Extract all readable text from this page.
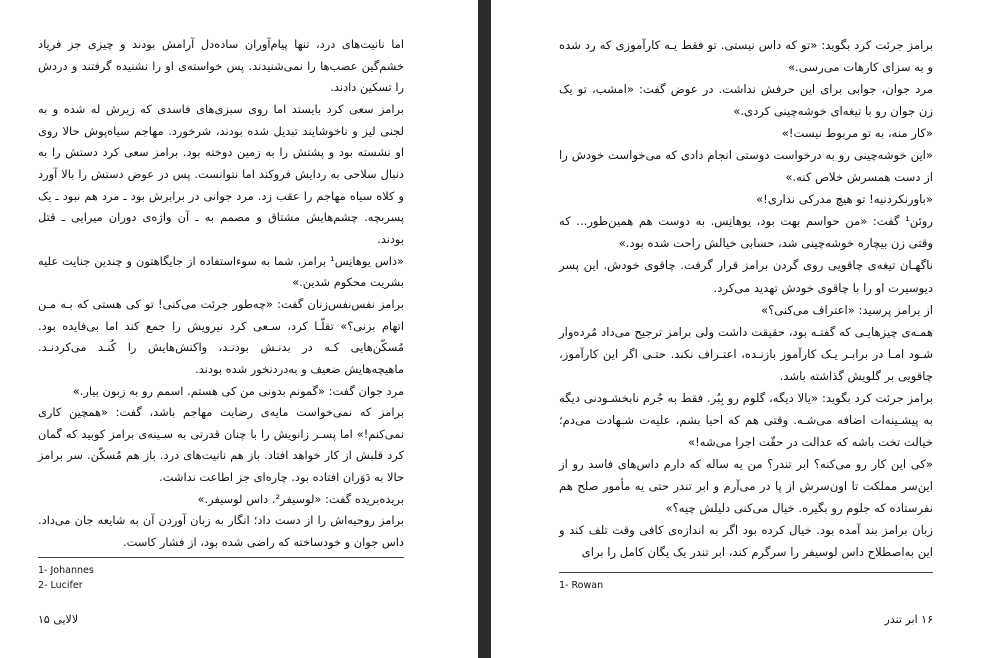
اما نانیت‌های درد، تنها پیام‌آوران ساده‌دل آرامش بودند و چیزی جز فریاد خشم‌گین عصب‌ها را نمی‌شنیدند. پس خواسته‌ی او را نشنیده گرفتند و دردش را تسکین دادند.

برامز سعی کرد بایستد اما روی سبزی‌های فاسدی که زیرش له شده و به لجنی لیز و ناخوشایند تبدیل شده بودند، شرخورد. مهاجم سیاه‌پوش حالا روی او نشسته بود و پشتش را به زمین دوخته بود. برامز سعی کرد دستش را به دنبال سلاحی به ردایش فروکند اما نتوانست. پس در عوض دستش را بالا آورد و کلاه سیاه مهاجم را عقب زد. مرد جوانی در برابرش بود ـ مرد هم نبود ـ یک پسربچه. چشم‌هایش مشتاق و مصمم به ـ آن واژه‌ی دوران میرایی ـ قتل بودند.

«داس یوهانِس¹ برامز، شما به سوءاستفاده از جایگاهتون و چندین جنایت علیه بشریت محکوم شدین.»

برامز نفس‌نفس‌زنان گفت: «چه‌طور جرئت می‌کنی! تو کی هستی که بـه مـن اتهام بزنی؟» تقلّـا کرد، سـعی کرد نیرویش را جمع کند اما بی‌فایده بود. مُسکّن‌هایی کـه در بدنـش بودنـد، واکنش‌هایش را کُنـد می‌کردنـد. ماهیچه‌هایش ضعیف و به‌دردنخور شده بودند.

مرد جوان گفت: «گمونم بدونی من کی هستم. اسمم رو به زبون بیار.»

برامز که نمی‌خواست مایه‌ی رضایت مهاجم باشد، گفت: «همچین کاری نمی‌کنم!» اما پسـر زانویش را با چنان قدرتی به سـینه‌ی برامز کوبید که گمان کرد قلبش از کار خواهد افتاد. باز هم نانیت‌های درد. باز هم مُسکّن. سر برامز حالا به دَوَران افتاده بود. چاره‌ای جز اطاعت نداشت.

بریده‌بریده گفت: «لوسیفر². داس لوسیفر.»

برامز روحیه‌اش را از دست داد؛ انگار به زبان آوردن آن به شایعه جان می‌داد. داس جوان و خودساخته که راضی شده بود، از فشار کاست.

1- Johannes
2- Lucifer
لالایی ۱۵

برامز جرئت کرد بگوید: «تو که داس نیستی. تو فقط یـه کارآموزی که رد شده و به سزای کارهات می‌رسی.»

مرد جوان، جوابی برای این حرفش نداشت. در عوض گفت: «امشب، تو یک زن جوان رو با تیغه‌ای خوشه‌چینی کردی.»

«کار منه، به تو مربوط نیست!»

«این خوشه‌چینی رو به درخواست دوستی انجام دادی که می‌خواست خودش را از دست همسرش خلاص کنه.»

«باورنکردنیه! تو هیچ مدرکی نداری!»

روئن¹ گفت: «من حواسم بهت بود، یوهانِس. به دوست هم همین‌طور... که وقتی زن بیچاره خوشه‌چینی شد، حسابی خیالش راحت شده بود.»

ناگهـان تیغه‌ی چاقویی روی گردن برامز قرار گرفت. چاقوی خودش. این پسر دیوسیرت او را با چاقوی خودش تهدید می‌کرد.

از برامز پرسید: «اعتراف می‌کنی؟»

همـه‌ی چیزهایـی که گفتـه بود، حقیقت داشت ولی برامز ترجیح می‌داد مُرده‌وار شـود امـا در برابـر یـک کارآموز بازنـده، اعتـراف نکند. حتـی اگر این کارآموز، چاقویی بر گلویش گذاشته باشد.

برامز جرئت کرد بگوید: «یالا دیگه، گلوم رو بِبُر. فقط به جُرم نابخشـودنی دیگه به پیشـینه‌ات اضافه می‌شـه. وقتی هم که احیا بشم، علیه‌ت شـهادت می‌دم؛ خیالت تخت باشه که عدالت در حقّت اجرا می‌شه!»

«کی این کار رو می‌کنه؟ ابر تندر؟ من یه ساله که دارم داس‌های فاسد رو از این‌سر مملکت تا اون‌سرش از پا در می‌آرم و ابر تندر حتی یه مأمور صلح هم نفرستاده که جلوم رو بگیره. خیال می‌کنی دلیلش چیه؟»

زبان برامز بند آمده بود. خیال کرده بود اگر به اندازه‌ی کافی وقت تلف کند و این به‌اصطلاح داس لوسیفر را سرگرم کند، ابر تندر یک یگان کامل را برای

1- Rowan
۱۶ ابر تندر
